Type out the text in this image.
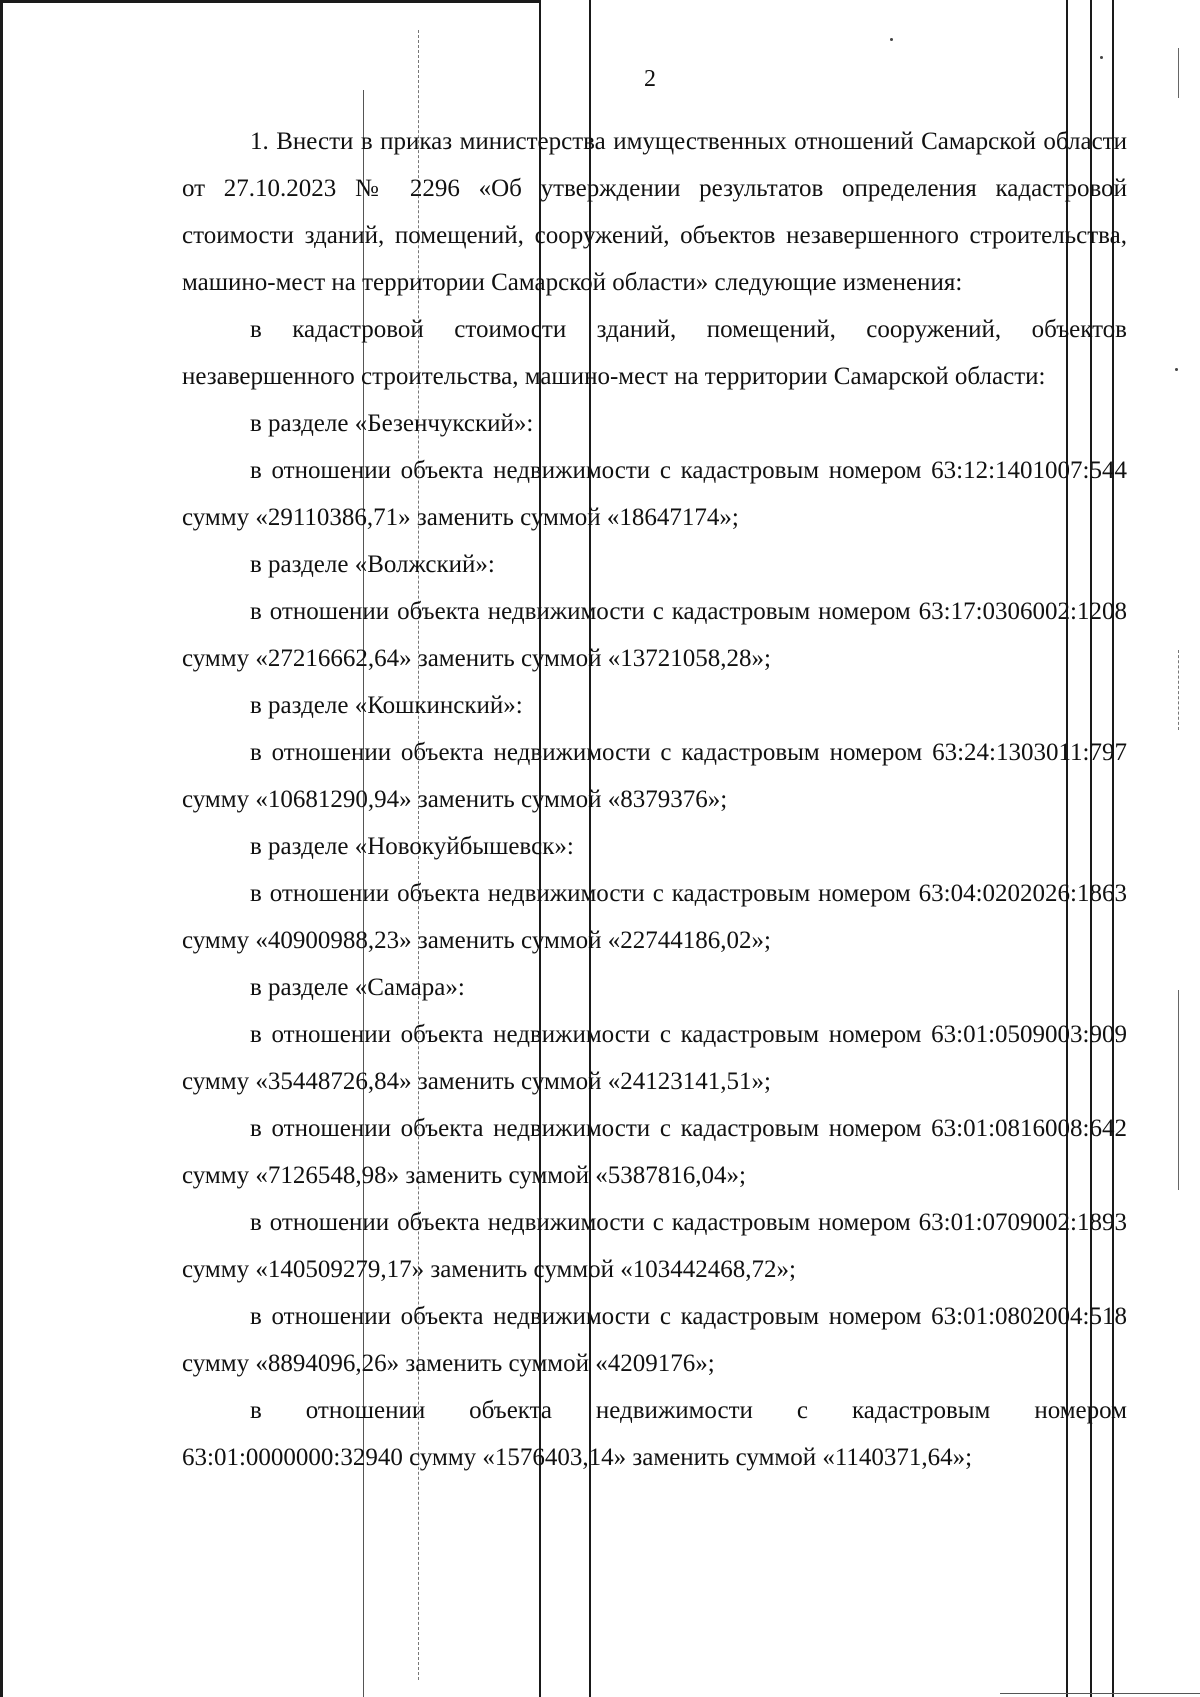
2

1. Внести в приказ министерства имущественных отношений Самарской области от 27.10.2023 № 2296 «Об утверждении результатов определения кадастровой стоимости зданий, помещений, сооружений, объектов незавершенного строительства, машино-мест на территории Самарской области» следующие изменения:

в кадастровой стоимости зданий, помещений, сооружений, объектов незавершенного строительства, машино-мест на территории Самарской области:

в разделе «Безенчукский»:

в отношении объекта недвижимости с кадастровым номером 63:12:1401007:544 сумму «29110386,71» заменить суммой «18647174»;

в разделе «Волжский»:

в отношении объекта недвижимости с кадастровым номером 63:17:0306002:1208 сумму «27216662,64» заменить суммой «13721058,28»;

в разделе «Кошкинский»:

в отношении объекта недвижимости с кадастровым номером 63:24:1303011:797 сумму «10681290,94» заменить суммой «8379376»;

в разделе «Новокуйбышевск»:

в отношении объекта недвижимости с кадастровым номером 63:04:0202026:1863 сумму «40900988,23» заменить суммой «22744186,02»;

в разделе «Самара»:

в отношении объекта недвижимости с кадастровым номером 63:01:0509003:909 сумму «35448726,84» заменить суммой «24123141,51»;

в отношении объекта недвижимости с кадастровым номером 63:01:0816008:642 сумму «7126548,98» заменить суммой «5387816,04»;

в отношении объекта недвижимости с кадастровым номером 63:01:0709002:1893 сумму «140509279,17» заменить суммой «103442468,72»;

в отношении объекта недвижимости с кадастровым номером 63:01:0802004:518 сумму «8894096,26» заменить суммой «4209176»;

в отношении объекта недвижимости с кадастровым номером 63:01:0000000:32940 сумму «1576403,14» заменить суммой «1140371,64»;
